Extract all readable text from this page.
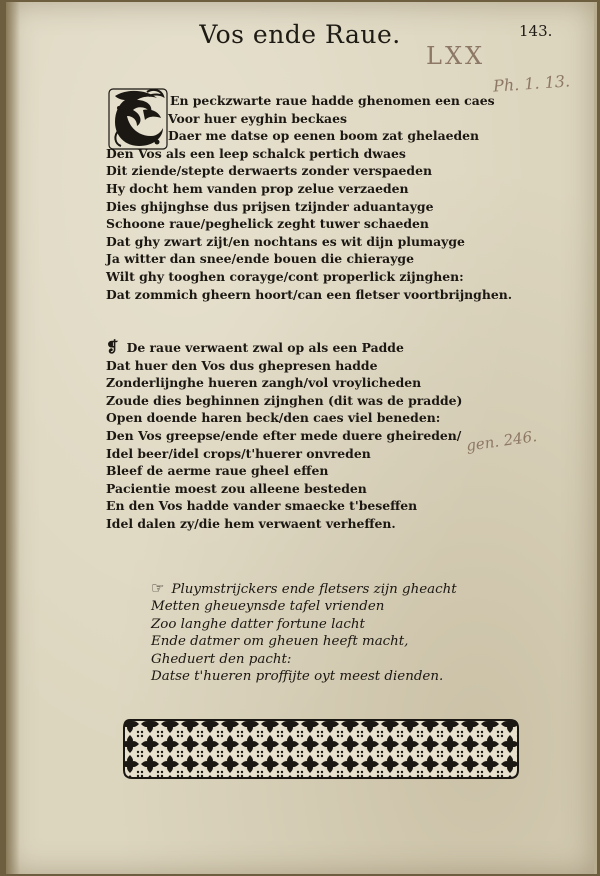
Vos ende Raue.	143.
LXX
Ph. 1. 13.
gen. 246.
En peckzwarte raue hadde ghenomen een caes
Voor huer eyghin beckaes
Daer me datse op eenen boom zat ghelaeden
Den Vos als een leep schalck pertich dwaes
Dit ziende/stepte derwaerts zonder verspaeden
Hy docht hem vanden prop zelue verzaeden
Dies ghijnghse dus prijsen tzijnder aduantayge
Schoone raue/peghelick zeght tuwer schaeden
Dat ghy zwart zijt/en nochtans es wit dijn plumayge
Ja witter dan snee/ende bouen die chierayge
Wilt ghy tooghen corayge/cont properlick zijnghen:
Dat zommich gheern hoort/can een fletser voortbrijnghen.
❡ De raue verwaent zwal op als een Padde
Dat huer den Vos dus ghepresen hadde
Zonderlijnghe hueren zangh/vol vroylicheden
Zoude dies beghinnen zijnghen (dit was de pradde)
Open doende haren beck/den caes viel beneden:
Den Vos greepse/ende efter mede duere gheireden/
Idel beer/idel crops/t'huerer onvreden
Bleef de aerme raue gheel effen
Pacientie moest zou alleene besteden
En den Vos hadde vander smaecke t'beseffen
Idel dalen zy/die hem verwaent verheffen.
☞ Pluymstrijckers ende fletsers zijn gheacht
Metten gheueynsde tafel vrienden
Zoo langhe datter fortune lacht
Ende datmer om gheuen heeft macht,
Gheduert den pacht:
Datse t'hueren proffijte oyt meest dienden.
